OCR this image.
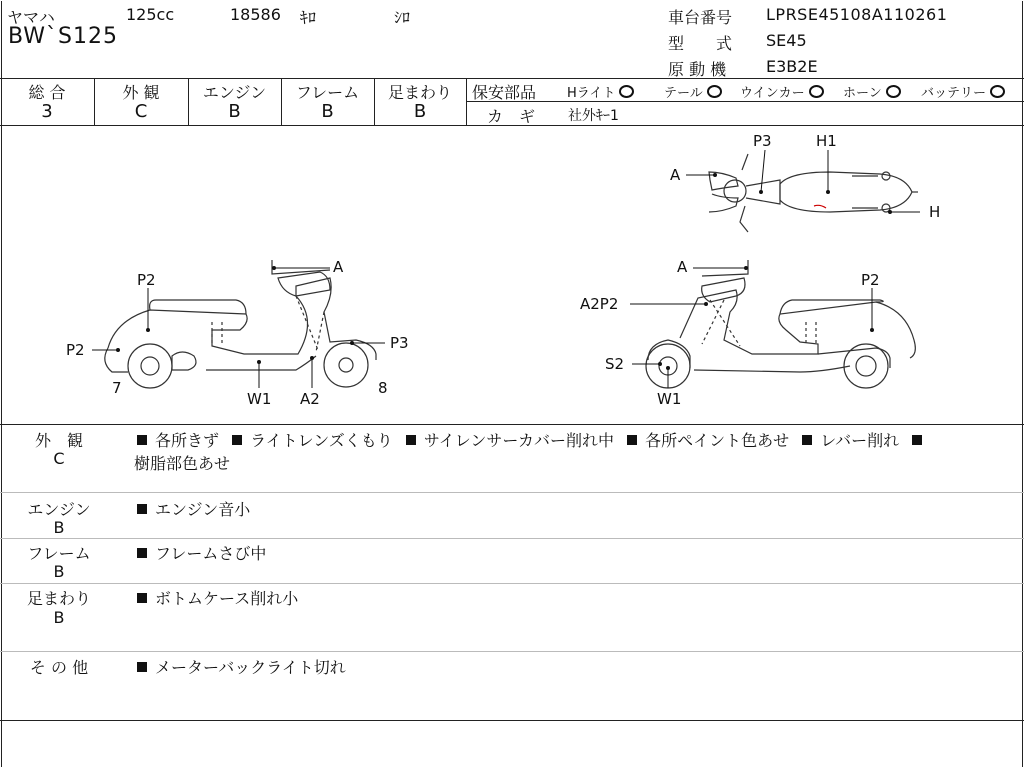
ヤマハ	125cc	18586 ｷﾛ	ｼﾛ
BW`S125
車台番号 LPRSE45108A110261
型　　式 SE45
原 動 機 E3B2E
総 合
3
外 観
C
エンジン
B
フレーム
B
足まわり
B
保安部品 Hライト	テール	ウインカー	ホーン	バッテリー
カ　ギ 社外ｷｰ1
P3	H1
A
H
A
P2
P2	P3
7	8
W1 A2
A
A2P2
P2
S2
W1
外　観
C
各所きず ライトレンズくもり サイレンサーカバー削れ中 各所ペイント色あせ レバー削れ
樹脂部色あせ
エンジン
B
エンジン音小
フレーム
B
フレームさび中
足まわり
B
ボトムケース削れ小
そ の 他	メーターバックライト切れ
